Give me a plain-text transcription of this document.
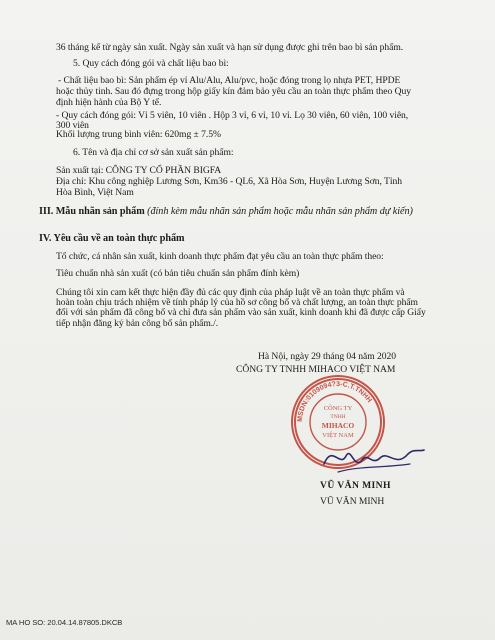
36 tháng kể từ ngày sản xuất. Ngày sản xuất và hạn sử dụng được ghi trên bao bì sản phẩm.
5. Quy cách đóng gói và chất liệu bao bì:
- Chất liệu bao bì: Sản phẩm ép vỉ Alu/Alu, Alu/pvc, hoặc đóng trong lọ nhựa PET, HPDE
hoặc thủy tinh. Sau đó đựng trong hộp giấy kín đảm bảo yêu cầu an toàn thực phẩm theo Quy
định hiện hành của Bộ Y tế.
- Quy cách đóng gói: Vỉ 5 viên, 10 viên . Hộp 3 vỉ, 6 vỉ, 10 vỉ. Lọ 30 viên, 60 viên, 100 viên,
300 viên
Khối lượng trung bình viên: 620mg ± 7.5%
6. Tên và địa chỉ cơ sở sản xuất sản phẩm:
Sản xuất tại: CÔNG TY CỔ PHẦN BIGFA
Địa chỉ: Khu công nghiệp Lương Sơn, Km36 - QL6, Xã Hòa Sơn, Huyện Lương Sơn, Tỉnh
Hòa Bình, Việt Nam
III. Mẫu nhãn sản phẩm (đính kèm mẫu nhãn sản phẩm hoặc mẫu nhãn sản phẩm dự kiến)
IV. Yêu cầu về an toàn thực phẩm
Tổ chức, cá nhân sản xuất, kinh doanh thực phẩm đạt yêu cầu an toàn thực phẩm theo:
Tiêu chuẩn nhà sản xuất (có bản tiêu chuẩn sản phẩm đính kèm)
Chúng tôi xin cam kết thực hiện đầy đủ các quy định của pháp luật về an toàn thực phẩm và
hoàn toàn chịu trách nhiệm về tính pháp lý của hồ sơ công bố và chất lượng, an toàn thực phẩm
đối với sản phẩm đã công bố và chỉ đưa sản phẩm vào sản xuất, kinh doanh khi đã được cấp Giấy
tiếp nhận đăng ký bản công bố sản phẩm./.
Hà Nội, ngày 29 tháng 04 năm 2020
CÔNG TY TNHH MIHACO VIỆT NAM
MSDN:0109094?3-C.T.TNHH
CÔNG TY
TNHH
MIHACO
VIỆT NAM
VŨ VĂN MINH
VŨ VĂN MINH
MA HO SO: 20.04.14.87805.DKCB
